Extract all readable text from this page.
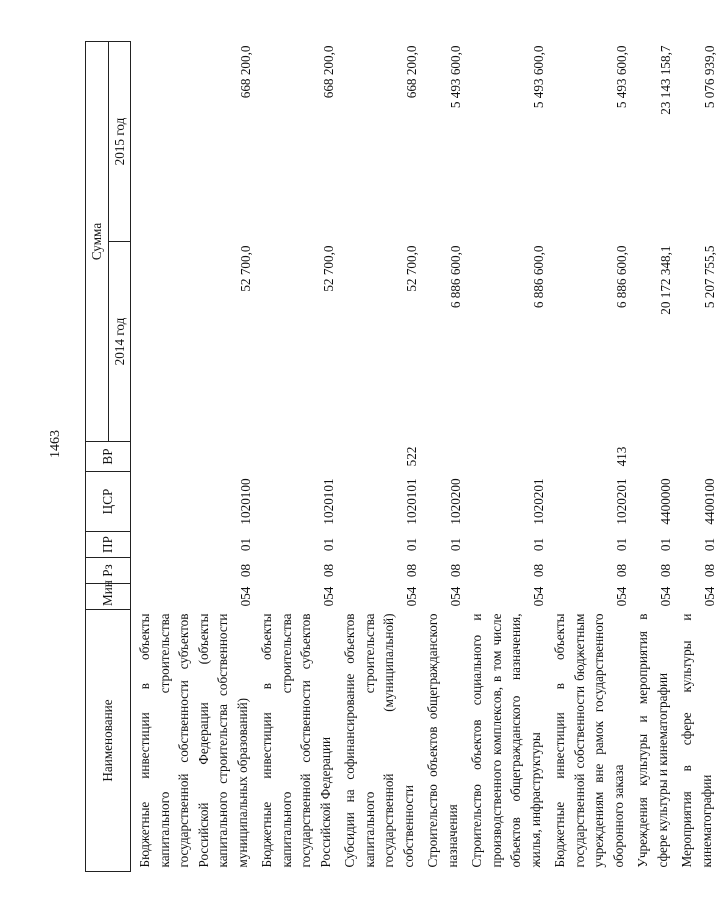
1463
Наименование	Мин	Рз	ПР	ЦСР	ВР	Сумма	
						2014 год	2015 год
Бюджетные инвестиции в объекты капитального строительства государственной собственности субъектов Российской Федерации (объекты капитального строительства собственности муниципальных образований)	054	08	01	1020100		52 700,0	668 200,0
Бюджетные инвестиции в объекты капитального строительства государственной собственности субъектов Российской Федерации	054	08	01	1020101		52 700,0	668 200,0
Субсидии на софинансирование объектов капитального строительства государственной (муниципальной) собственности	054	08	01	1020101	522	52 700,0	668 200,0
Строительство объектов общегражданского назначения	054	08	01	1020200		6 886 600,0	5 493 600,0
Строительство объектов социального и производственного комплексов, в том числе объектов общегражданского назначения, жилья, инфраструктуры	054	08	01	1020201		6 886 600,0	5 493 600,0
Бюджетные инвестиции в объекты государственной собственности бюджетным учреждениям вне рамок государственного оборонного заказа	054	08	01	1020201	413	6 886 600,0	5 493 600,0
Учреждения культуры и мероприятия в сфере культуры и кинематографии	054	08	01	4400000		20 172 348,1	23 143 158,7
Мероприятия в сфере культуры и кинематографии	054	08	01	4400100		5 207 755,5	5 076 939,0
